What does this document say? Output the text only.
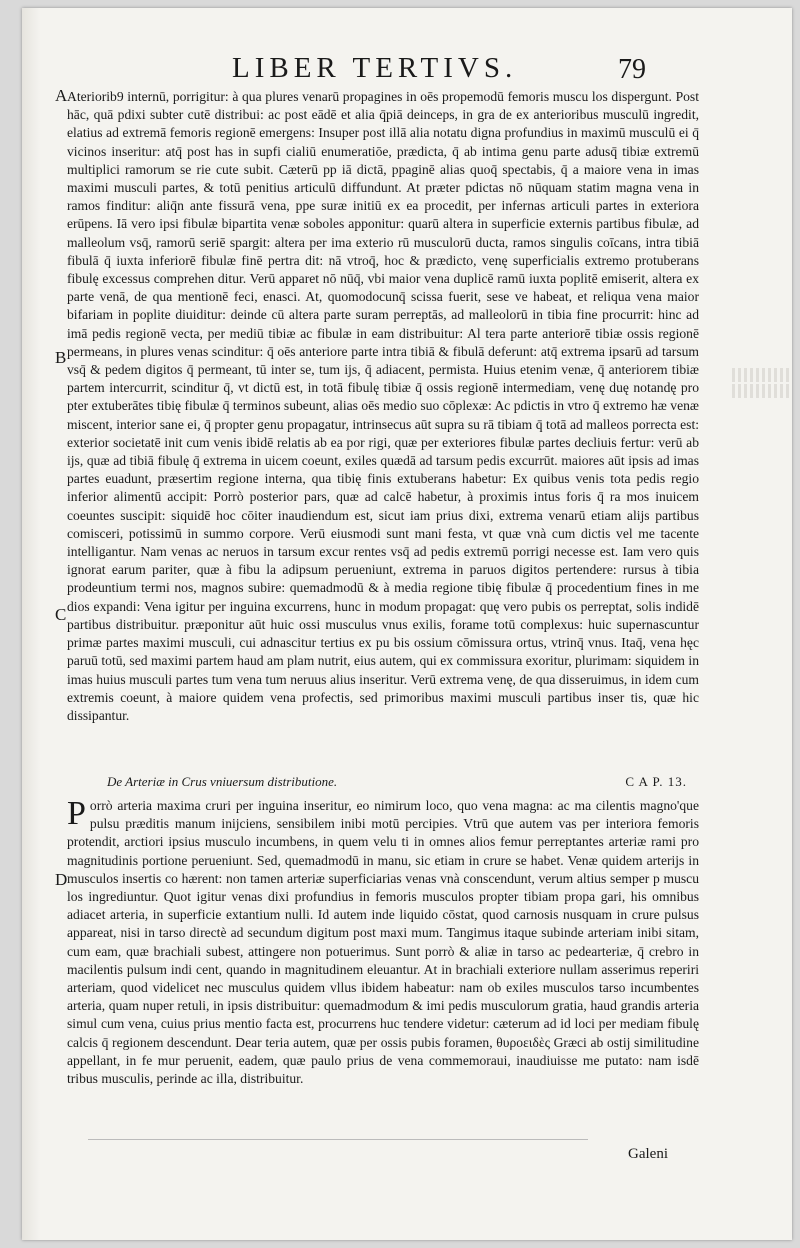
LIBER TERTIVS.	79
A
B
C
D

Ateriorib9 internū, porrigitur: à qua plures venarū propagines in oēs propemodū femoris muscu los dispergunt. Post hāc, quā pdixi subter cutē distribui: ac post eādē et alia q̄piā deinceps, in gra de ex anterioribus musculū ingredit, elatius ad extremā femoris regionē emergens: Insuper post illā alia notatu digna profundius in maximū musculū ei q̄ vicinos inseritur: atq̄ post has in supfi cialiū enumeratiōe, prædicta, q̄ ab intima genu parte adusq̄ tibiæ extremū multiplici ramorum se rie cute subit. Cæterū pp iā dictā, ppaginē alias quoq̄ spectabis, q̄ a maiore vena in imas maximi musculi partes, & totū penitius articulū diffundunt. At præter pdictas nō nūquam statim magna vena in ramos finditur: aliq̄n ante fissurā vena, ppe suræ initiū ex ea procedit, per infernas articuli partes in exteriora erūpens. Iā vero ipsi fibulæ bipartita venæ soboles apponitur: quarū altera in superficie externis partibus fibulæ, ad malleolum vsq̄, ramorū seriē spargit: altera per ima exterio rū musculorū ducta, ramos singulis coīcans, intra tibiā fibulā q̄ iuxta inferiorē fibulæ finē pertra dit: nā vtroq̄, hoc & prædicto, venę superficialis extremo protuberans fibulę excessus comprehen ditur. Verū apparet nō nūq̄, vbi maior vena duplicē ramū iuxta poplitē emiserit, altera ex parte venā, de qua mentionē feci, enasci. At, quomodocunq̄ scissa fuerit, sese ve habeat, et reliqua vena maior bifariam in poplite diuiditur: deinde cū altera parte suram perreptās, ad malleolorū in tibia fine procurrit: hinc ad imā pedis regionē vecta, per mediū tibiæ ac fibulæ in eam distribuitur: Al tera parte anteriorē tibiæ ossis regionē permeans, in plures venas scinditur: q̄ oēs anteriore parte intra tibiā & fibulā deferunt: atq̄ extrema ipsarū ad tarsum vsq̄ & pedem digitos q̄ permeant, tū inter se, tum ijs, q̄ adiacent, permista. Huius etenim venæ, q̄ anteriorem tibiæ partem intercurrit, scinditur q̄, vt dictū est, in totā fibulę tibiæ q̄ ossis regionē intermediam, venę duę notandę pro pter extuberātes tibię fibulæ q̄ terminos subeunt, alias oēs medio suo cōplexæ: Ac pdictis in vtro q̄ extremo hæ venæ miscent, interior sane ei, q̄ propter genu propagatur, intrinsecus aūt supra su rā tibiam q̄ totā ad malleos porrecta est: exterior societatē init cum venis ibidē relatis ab ea por rigi, quæ per exteriores fibulæ partes decliuis fertur: verū ab ijs, quæ ad tibiā fibulę q̄ extrema in uicem coeunt, exiles quædā ad tarsum pedis excurrūt. maiores aūt ipsis ad imas partes euadunt, præsertim regione interna, qua tibię finis extuberans habetur: Ex quibus venis tota pedis regio inferior alimentū accipit: Porrò posterior pars, quæ ad calcē habetur, à proximis intus foris q̄ ra mos inuicem coeuntes suscipit: siquidē hoc cōiter inaudiendum est, sicut iam prius dixi, extrema venarū etiam alijs partibus comisceri, potissimū in summo corpore. Verū eiusmodi sunt mani festa, vt quæ vnà cum dictis vel me tacente intelligantur. Nam venas ac neruos in tarsum excur rentes vsq̄ ad pedis extremū porrigi necesse est. Iam vero quis ignorat earum pariter, quæ à fibu la adipsum perueniunt, extrema in paruos digitos pertendere: rursus à tibia prodeuntium termi nos, magnos subire: quemadmodū & à media regione tibię fibulæ q̄ procedentium fines in me dios expandi: Vena igitur per inguina excurrens, hunc in modum propagat: quę vero pubis os perreptat, solis indidē partibus distribuitur. præponitur aūt huic ossi musculus vnus exilis, forame totū complexus: huic supernascuntur primæ partes maximi musculi, cui adnascitur tertius ex pu bis ossium cōmissura ortus, vtrinq̄ vnus. Itaq̄, vena hęc paruū totū, sed maximi partem haud am plam nutrit, eius autem, qui ex commissura exoritur, plurimam: siquidem in imas huius musculi partes tum vena tum neruus alius inseritur. Verū extrema venę, de qua disseruimus, in idem cum extremis coeunt, à maiore quidem vena profectis, sed primoribus maximi musculi partibus inser tis, quæ hic dissipantur.

De Arteriæ in Crus vniuersum distributione.	C A P. 13.

Porrò arteria maxima cruri per inguina inseritur, eo nimirum loco, quo vena magna: ac ma cilentis magno'que pulsu præditis manum inijciens, sensibilem inibi motū percipies. Vtrū que autem vas per interiora femoris protendit, arctiori ipsius musculo incumbens, in quem velu ti in omnes alios femur perreptantes arteriæ rami pro magnitudinis portione perueniunt. Sed, quemadmodū in manu, sic etiam in crure se habet. Venæ quidem arterijs in musculos insertis co hærent: non tamen arteriæ superficiarias venas vnà conscendunt, verum altius semper p muscu los ingrediuntur. Quot igitur venas dixi profundius in femoris musculos propter tibiam propa gari, his omnibus adiacet arteria, in superficie extantium nulli. Id autem inde liquido cōstat, quod carnosis nusquam in crure pulsus appareat, nisi in tarso directè ad secundum digitum post maxi mum. Tangimus itaque subinde arteriam inibi sitam, cum eam, quæ brachiali subest, attingere non potuerimus. Sunt porrò & aliæ in tarso ac pedearteriæ, q̄ crebro in macilentis pulsum indi cent, quando in magnitudinem eleuantur. At in brachiali exteriore nullam asserimus reperiri arteriam, quod videlicet nec musculus quidem vllus ibidem habeatur: nam ob exiles musculos tarso incumbentes arteria, quam nuper retuli, in ipsis distribuitur: quemadmodum & imi pedis musculorum gratia, haud grandis arteria simul cum vena, cuius prius mentio facta est, procurrens huc tendere videtur: cæterum ad id loci per mediam fibulę calcis q̄ regionem descendunt. Dear teria autem, quæ per ossis pubis foramen, θυροειδὲς Græci ab ostij similitudine appellant, in fe mur peruenit, eadem, quæ paulo prius de vena commemoraui, inaudiuisse me putato: nam isdē tribus musculis, perinde ac illa, distribuitur.

Galeni
